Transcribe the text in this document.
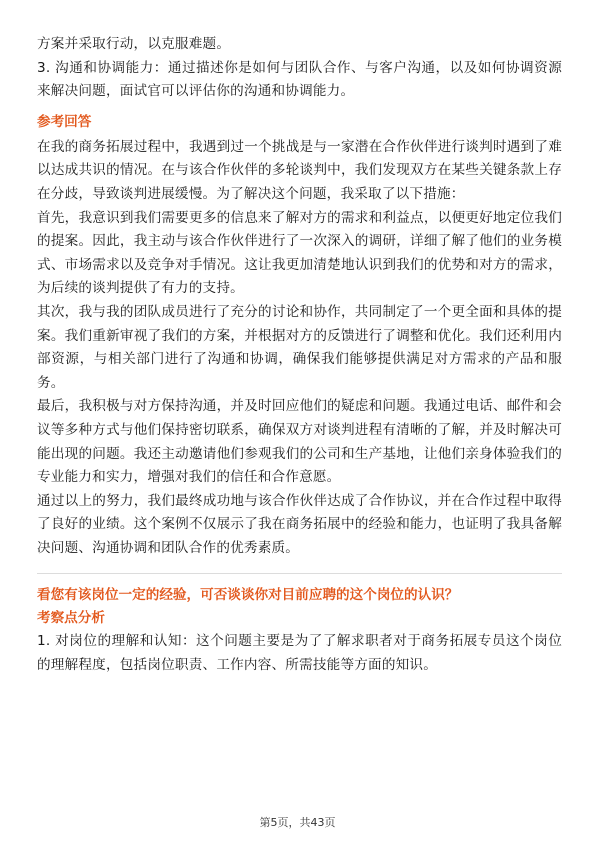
方案并采取行动，以克服难题。

3. 沟通和协调能力：通过描述你是如何与团队合作、与客户沟通，以及如何协调资源来解决问题，面试官可以评估你的沟通和协调能力。

参考回答

在我的商务拓展过程中，我遇到过一个挑战是与一家潜在合作伙伴进行谈判时遇到了难以达成共识的情况。在与该合作伙伴的多轮谈判中，我们发现双方在某些关键条款上存在分歧，导致谈判进展缓慢。为了解决这个问题，我采取了以下措施：

首先，我意识到我们需要更多的信息来了解对方的需求和利益点，以便更好地定位我们的提案。因此，我主动与该合作伙伴进行了一次深入的调研，详细了解了他们的业务模式、市场需求以及竞争对手情况。这让我更加清楚地认识到我们的优势和对方的需求，为后续的谈判提供了有力的支持。

其次，我与我的团队成员进行了充分的讨论和协作，共同制定了一个更全面和具体的提案。我们重新审视了我们的方案，并根据对方的反馈进行了调整和优化。我们还利用内部资源，与相关部门进行了沟通和协调，确保我们能够提供满足对方需求的产品和服务。

最后，我积极与对方保持沟通，并及时回应他们的疑虑和问题。我通过电话、邮件和会议等多种方式与他们保持密切联系，确保双方对谈判进程有清晰的了解，并及时解决可能出现的问题。我还主动邀请他们参观我们的公司和生产基地，让他们亲身体验我们的专业能力和实力，增强对我们的信任和合作意愿。

通过以上的努力，我们最终成功地与该合作伙伴达成了合作协议，并在合作过程中取得了良好的业绩。这个案例不仅展示了我在商务拓展中的经验和能力，也证明了我具备解决问题、沟通协调和团队合作的优秀素质。

看您有该岗位一定的经验，可否谈谈你对目前应聘的这个岗位的认识？

考察点分析

1. 对岗位的理解和认知：这个问题主要是为了了解求职者对于商务拓展专员这个岗位的理解程度，包括岗位职责、工作内容、所需技能等方面的知识。

第5页，共43页
